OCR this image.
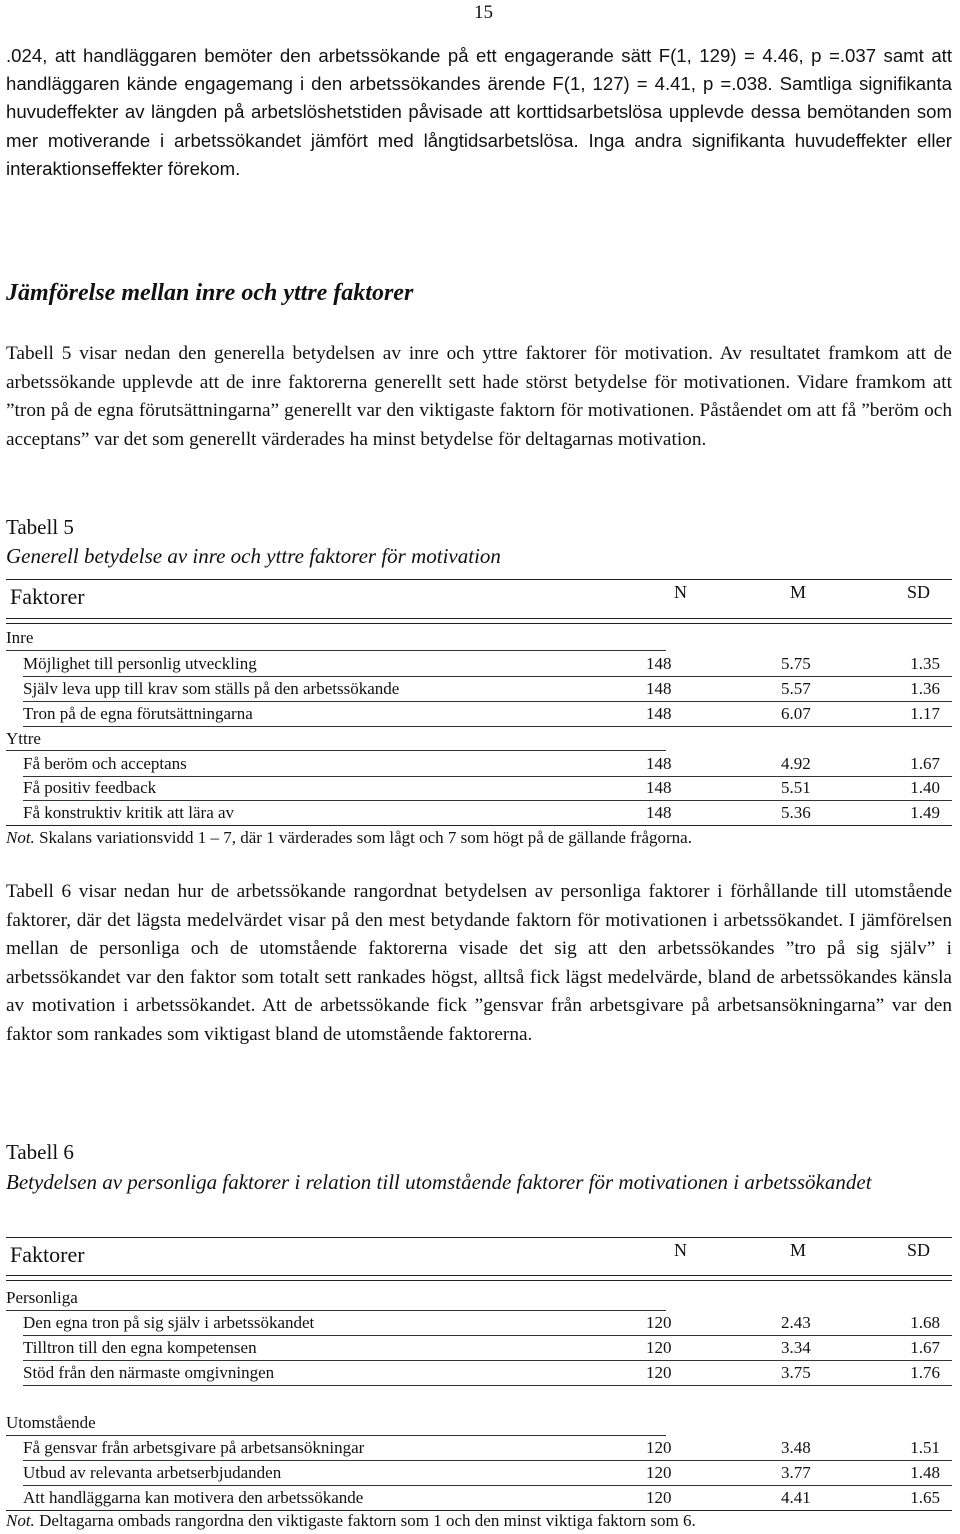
15

.024, att handläggaren bemöter den arbetssökande på ett engagerande sätt F(1, 129) = 4.46, p =.037 samt att handläggaren kände engagemang i den arbetssökandes ärende F(1, 127) = 4.41, p =.038. Samtliga signifikanta huvudeffekter av längden på arbetslöshetstiden påvisade att korttidsarbetslösa upplevde dessa bemötanden som mer motiverande i arbetssökandet jämfört med långtidsarbetslösa. Inga andra signifikanta huvudeffekter eller interaktionseffekter förekom.

Jämförelse mellan inre och yttre faktorer

Tabell 5 visar nedan den generella betydelsen av inre och yttre faktorer för motivation. Av resultatet framkom att de arbetssökande upplevde att de inre faktorerna generellt sett hade störst betydelse för motivationen. Vidare framkom att ”tron på de egna förutsättningarna” generellt var den viktigaste faktorn för motivationen. Påståendet om att få ”beröm och acceptans” var det som generellt värderades ha minst betydelse för deltagarnas motivation.

Tabell 5
Generell betydelse av inre och yttre faktorer för motivation
Faktorer	N	M	SD
Inre
Möjlighet till personlig utveckling	148	5.75	1.35
Själv leva upp till krav som ställs på den arbetssökande	148	5.57	1.36
Tron på de egna förutsättningarna	148	6.07	1.17
Yttre
Få beröm och acceptans	148	4.92	1.67
Få positiv feedback	148	5.51	1.40
Få konstruktiv kritik att lära av	148	5.36	1.49
Not. Skalans variationsvidd 1 – 7, där 1 värderades som lågt och 7 som högt på de gällande frågorna.

Tabell 6 visar nedan hur de arbetssökande rangordnat betydelsen av personliga faktorer i förhållande till utomstående faktorer, där det lägsta medelvärdet visar på den mest betydande faktorn för motivationen i arbetssökandet. I jämförelsen mellan de personliga och de utomstående faktorerna visade det sig att den arbetssökandes ”tro på sig själv” i arbetssökandet var den faktor som totalt sett rankades högst, alltså fick lägst medelvärde, bland de arbetssökandes känsla av motivation i arbetssökandet. Att de arbetssökande fick ”gensvar från arbetsgivare på arbetsansökningarna” var den faktor som rankades som viktigast bland de utomstående faktorerna.

Tabell 6
Betydelsen av personliga faktorer i relation till utomstående faktorer för motivationen i arbetssökandet
Faktorer	N	M	SD
Personliga
Den egna tron på sig själv i arbetssökandet	120	2.43	1.68
Tilltron till den egna kompetensen	120	3.34	1.67
Stöd från den närmaste omgivningen	120	3.75	1.76
Utomstående
Få gensvar från arbetsgivare på arbetsansökningar	120	3.48	1.51
Utbud av relevanta arbetserbjudanden	120	3.77	1.48
Att handläggarna kan motivera den arbetssökande	120	4.41	1.65
Not. Deltagarna ombads rangordna den viktigaste faktorn som 1 och den minst viktiga faktorn som 6.
